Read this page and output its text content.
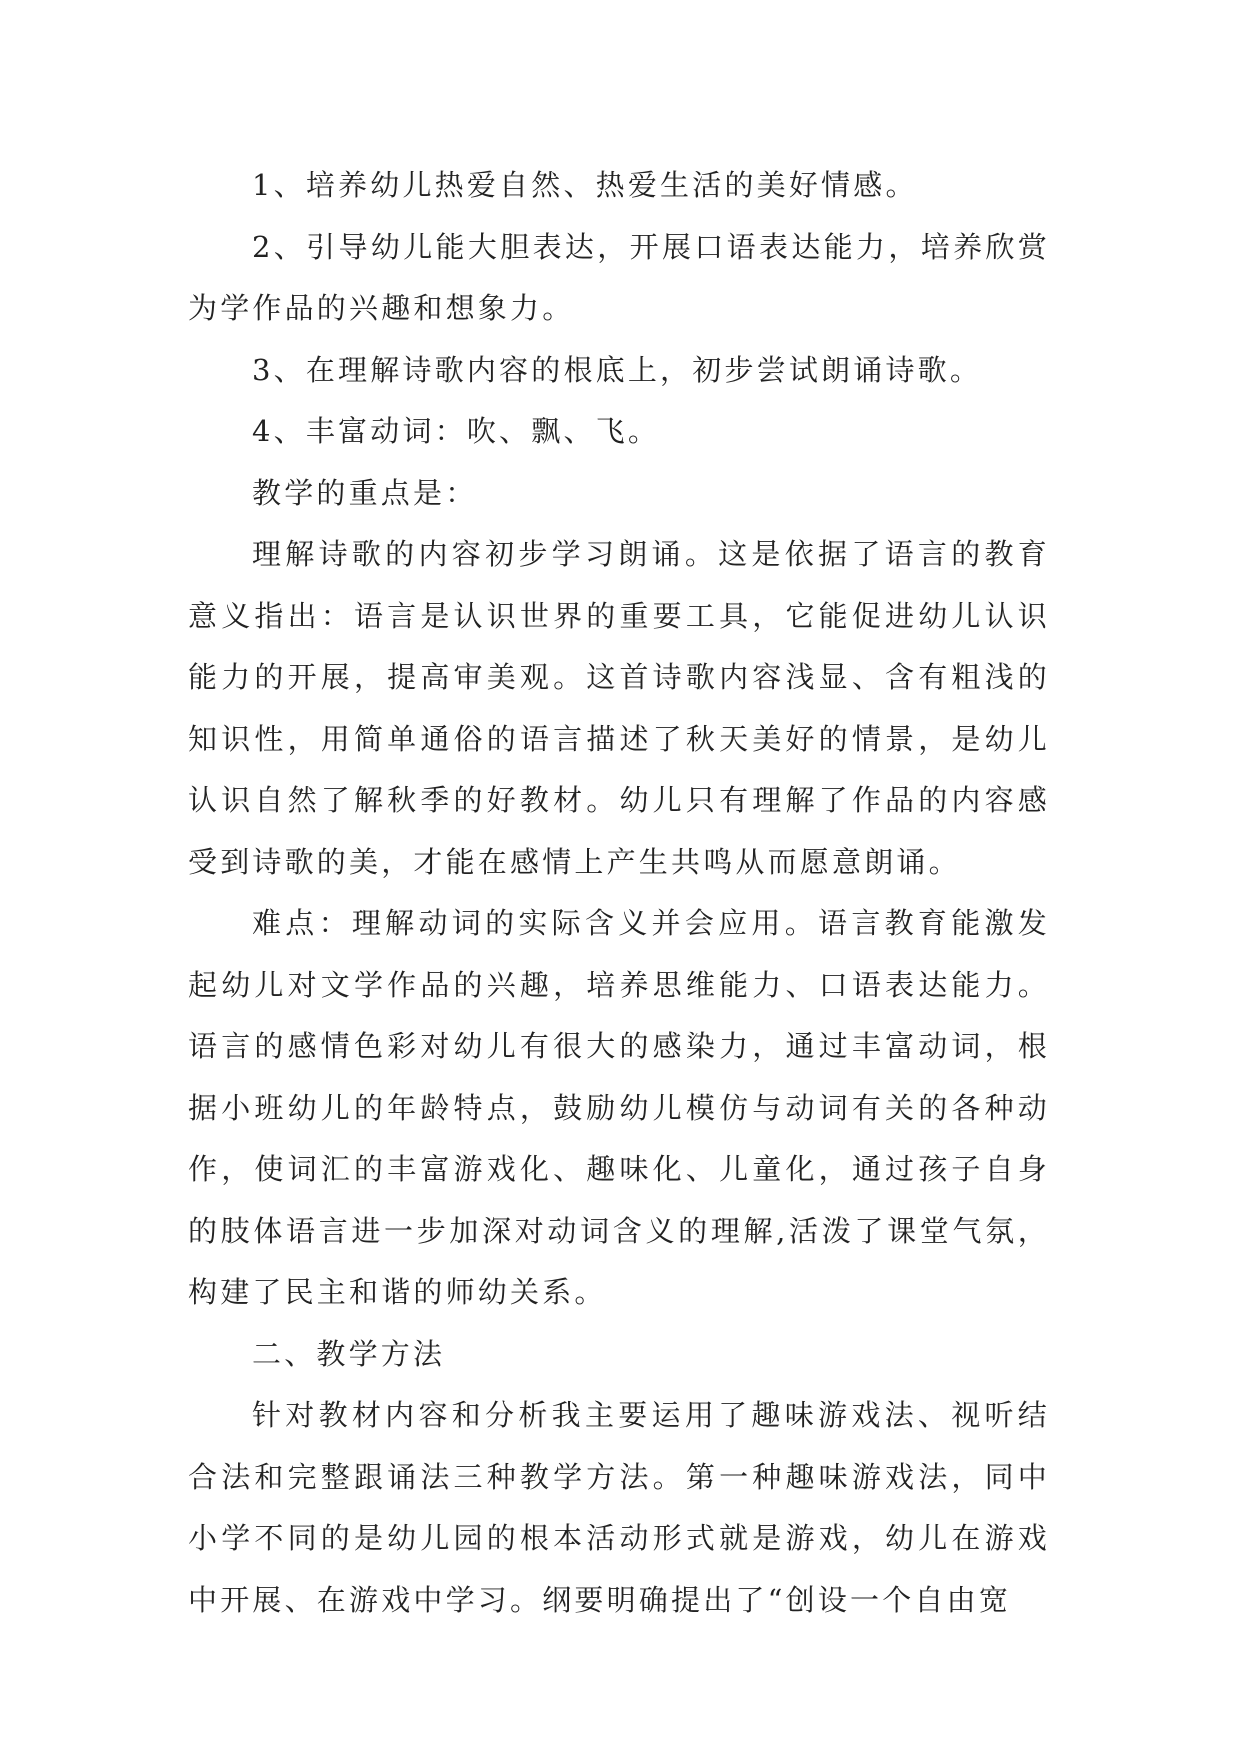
1、培养幼儿热爱自然、热爱生活的美好情感。

2、引导幼儿能大胆表达，开展口语表达能力，培养欣赏为学作品的兴趣和想象力。

3、在理解诗歌内容的根底上，初步尝试朗诵诗歌。

4、丰富动词：吹、飘、飞。

教学的重点是：

理解诗歌的内容初步学习朗诵。这是依据了语言的教育意义指出：语言是认识世界的重要工具，它能促进幼儿认识能力的开展，提高审美观。这首诗歌内容浅显、含有粗浅的知识性，用简单通俗的语言描述了秋天美好的情景，是幼儿认识自然了解秋季的好教材。幼儿只有理解了作品的内容感受到诗歌的美，才能在感情上产生共鸣从而愿意朗诵。

难点：理解动词的实际含义并会应用。语言教育能激发起幼儿对文学作品的兴趣，培养思维能力、口语表达能力。语言的感情色彩对幼儿有很大的感染力，通过丰富动词，根据小班幼儿的年龄特点，鼓励幼儿模仿与动词有关的各种动作，使词汇的丰富游戏化、趣味化、儿童化，通过孩子自身的肢体语言进一步加深对动词含义的理解,活泼了课堂气氛，构建了民主和谐的师幼关系。

二、教学方法

针对教材内容和分析我主要运用了趣味游戏法、视听结合法和完整跟诵法三种教学方法。第一种趣味游戏法，同中小学不同的是幼儿园的根本活动形式就是游戏，幼儿在游戏中开展、在游戏中学习。纲要明确提出了“创设一个自由宽
